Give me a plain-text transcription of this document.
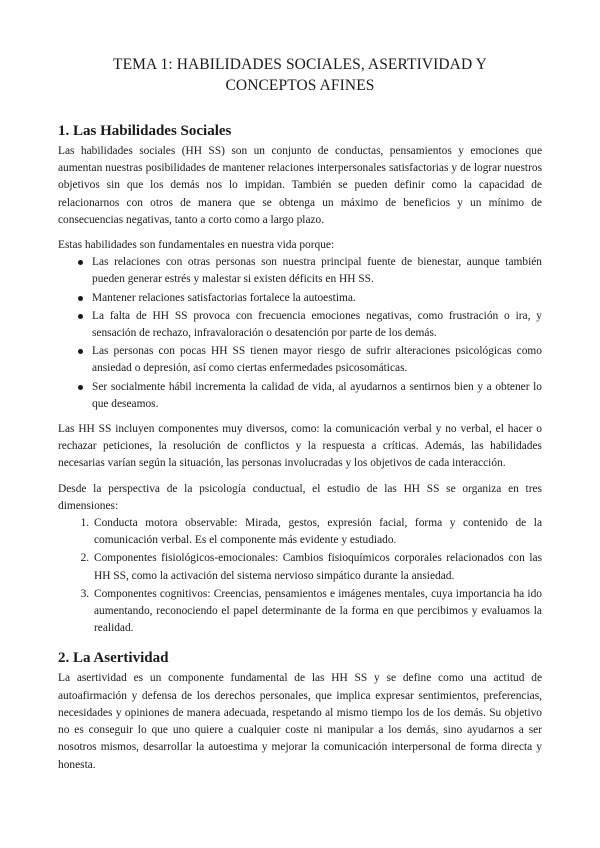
TEMA 1: HABILIDADES SOCIALES, ASERTIVIDAD Y CONCEPTOS AFINES
1. Las Habilidades Sociales

Las habilidades sociales (HH SS) son un conjunto de conductas, pensamientos y emociones que aumentan nuestras posibilidades de mantener relaciones interpersonales satisfactorias y de lograr nuestros objetivos sin que los demás nos lo impidan. También se pueden definir como la capacidad de relacionarnos con otros de manera que se obtenga un máximo de beneficios y un mínimo de consecuencias negativas, tanto a corto como a largo plazo.

Estas habilidades son fundamentales en nuestra vida porque:

Las relaciones con otras personas son nuestra principal fuente de bienestar, aunque también pueden generar estrés y malestar si existen déficits en HH SS.
Mantener relaciones satisfactorias fortalece la autoestima.
La falta de HH SS provoca con frecuencia emociones negativas, como frustración o ira, y sensación de rechazo, infravaloración o desatención por parte de los demás.
Las personas con pocas HH SS tienen mayor riesgo de sufrir alteraciones psicológicas como ansiedad o depresión, así como ciertas enfermedades psicosomáticas.
Ser socialmente hábil incrementa la calidad de vida, al ayudarnos a sentirnos bien y a obtener lo que deseamos.

Las HH SS incluyen componentes muy diversos, como: la comunicación verbal y no verbal, el hacer o rechazar peticiones, la resolución de conflictos y la respuesta a críticas. Además, las habilidades necesarias varían según la situación, las personas involucradas y los objetivos de cada interacción.

Desde la perspectiva de la psicología conductual, el estudio de las HH SS se organiza en tres dimensiones:

1. Conducta motora observable: Mirada, gestos, expresión facial, forma y contenido de la comunicación verbal. Es el componente más evidente y estudiado.
2. Componentes fisiológicos-emocionales: Cambios fisioquímicos corporales relacionados con las HH SS, como la activación del sistema nervioso simpático durante la ansiedad.
3. Componentes cognitivos: Creencias, pensamientos e imágenes mentales, cuya importancia ha ido aumentando, reconociendo el papel determinante de la forma en que percibimos y evaluamos la realidad.
2. La Asertividad

La asertividad es un componente fundamental de las HH SS y se define como una actitud de autoafirmación y defensa de los derechos personales, que implica expresar sentimientos, preferencias, necesidades y opiniones de manera adecuada, respetando al mismo tiempo los de los demás. Su objetivo no es conseguir lo que uno quiere a cualquier coste ni manipular a los demás, sino ayudarnos a ser nosotros mismos, desarrollar la autoestima y mejorar la comunicación interpersonal de forma directa y honesta.
